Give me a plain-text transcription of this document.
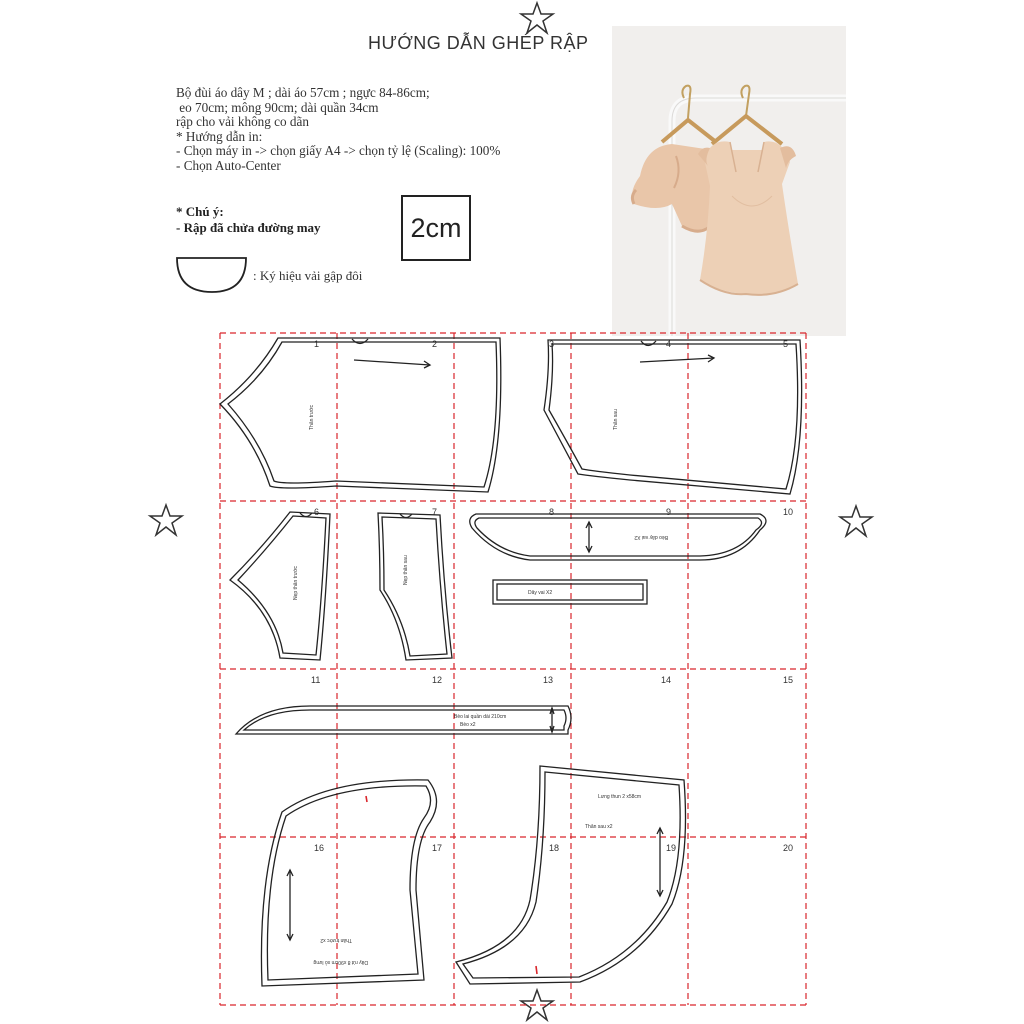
HƯỚNG DẪN GHÉP RẬP
Bộ đùi áo dây M ; dài áo 57cm ; ngực 84-86cm;
eo 70cm; mông 90cm; dài quần 34cm
rập cho vải không co dãn
* Hướng dẫn in:
- Chọn máy in -> chọn giấy A4 -> chọn tỷ lệ (Scaling): 100%
- Chọn Auto-Center
* Chú ý:
- Rập đã chửa đường may	2cm
: Ký hiệu vải gập đôi
1	2	3	4	5
6	7	8	9	10
11	12	13	14	15
16	17	18	19	20
Thân trước	Thân sau
Nẹp thân trước	Nẹp thân sau
Bèo dây vai X2
Dây vai X2
Bèo lai quần dài 210cm
Bèo x2
Thân trước x2
Dây rút 8 x90cm xỏ lưng
Lưng thun 2 x58cm
Thân sau x2
